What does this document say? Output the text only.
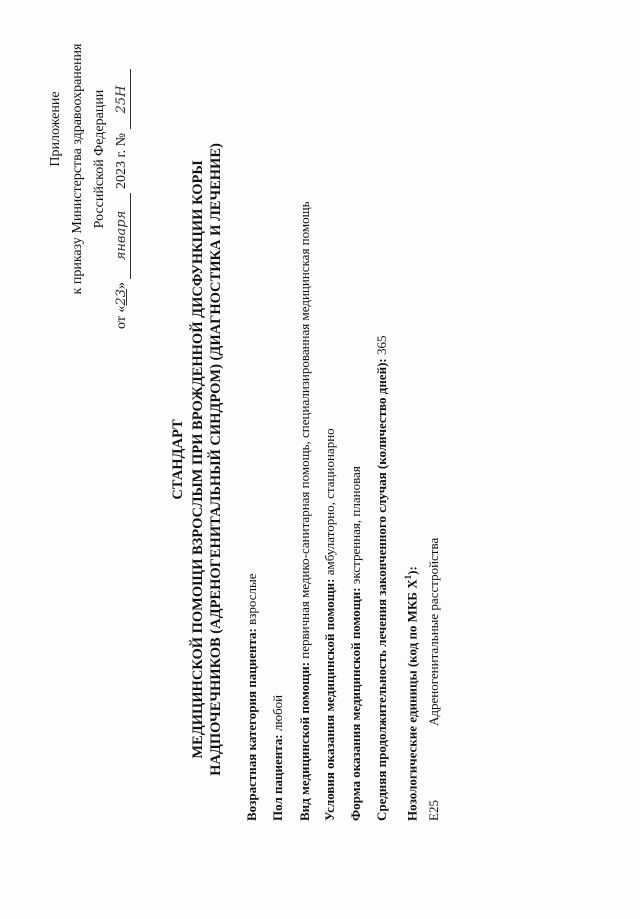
Приложение к приказу Министерства здравоохранения Российской Федерации
от «23» января 2023 г. № 25Н
СТАНДАРТ МЕДИЦИНСКОЙ ПОМОЩИ ВЗРОСЛЫМ ПРИ ВРОЖДЕННОЙ ДИСФУНКЦИИ КОРЫ НАДПОЧЕЧНИКОВ (АДРЕНОГЕНИТАЛЬНЫЙ СИНДРОМ) (ДИАГНОСТИКА И ЛЕЧЕНИЕ) Возрастная категория пациента: взрослые
Пол пациента: любой Вид медицинской помощи: первичная медико-санитарная помощь, специализированная медицинская помощь
Условия оказания медицинской помощи: амбулаторно, стационарно
Форма оказания медицинской помощи: экстренная, плановая Средняя продолжительность лечения законченного случая (количество дней): 365
Нозологические единицы (код по МКБ $X^1$):
E25
Адреногенитальные расстройства
